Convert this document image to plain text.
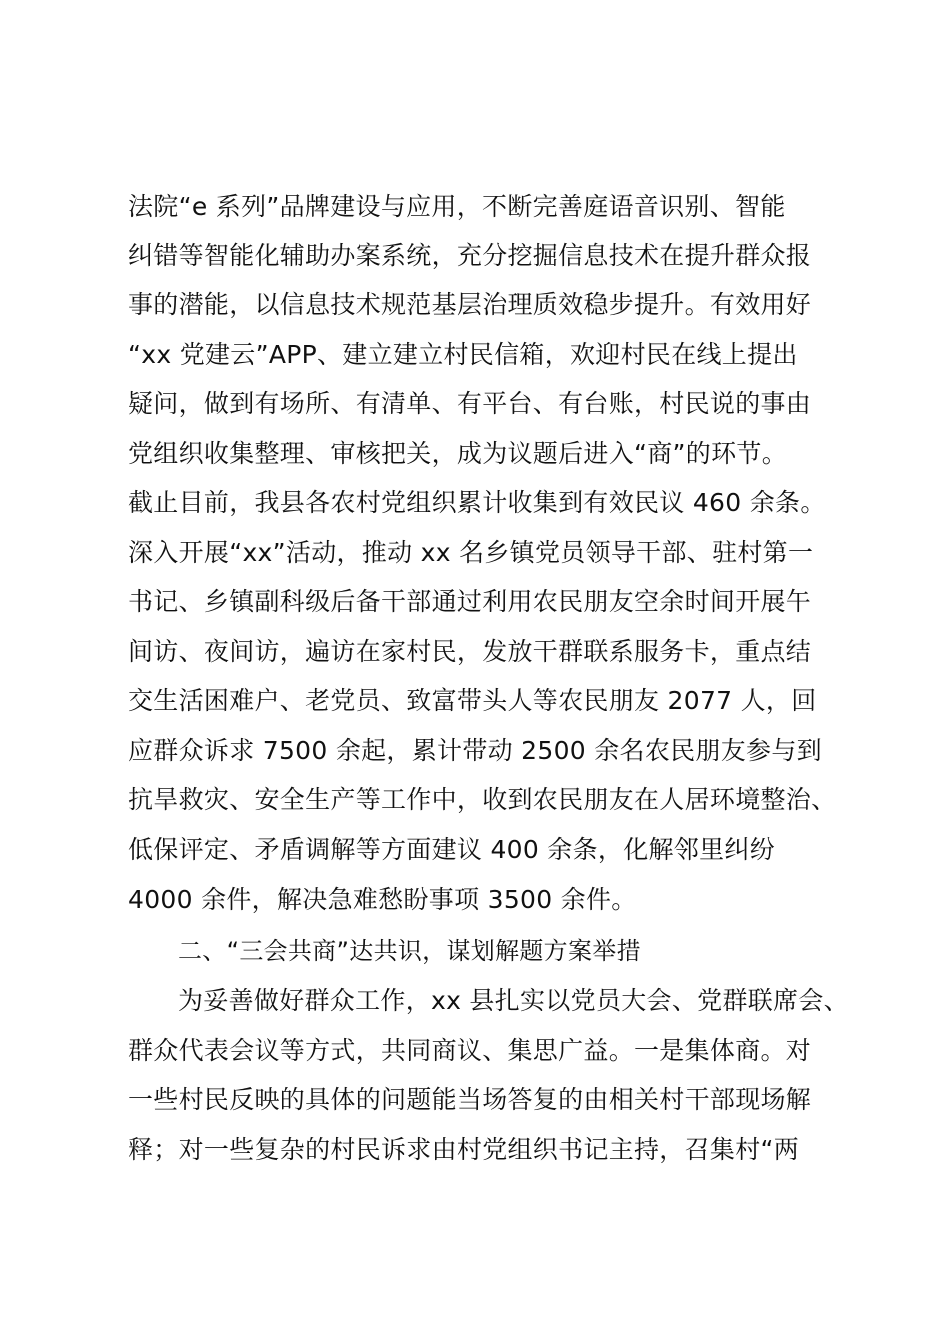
法院“e 系列”品牌建设与应用，不断完善庭语音识别、智能
纠错等智能化辅助办案系统，充分挖掘信息技术在提升群众报
事的潜能，以信息技术规范基层治理质效稳步提升。有效用好
“xx 党建云”APP、建立建立村民信箱，欢迎村民在线上提出
疑问，做到有场所、有清单、有平台、有台账，村民说的事由
党组织收集整理、审核把关，成为议题后进入“商”的环节。
截止目前，我县各农村党组织累计收集到有效民议 460 余条。
深入开展“xx”活动，推动 xx 名乡镇党员领导干部、驻村第一
书记、乡镇副科级后备干部通过利用农民朋友空余时间开展午
间访、夜间访，遍访在家村民，发放干群联系服务卡，重点结
交生活困难户、老党员、致富带头人等农民朋友 2077 人，回
应群众诉求 7500 余起，累计带动 2500 余名农民朋友参与到
抗旱救灾、安全生产等工作中，收到农民朋友在人居环境整治、
低保评定、矛盾调解等方面建议 400 余条，化解邻里纠纷
4000 余件，解决急难愁盼事项 3500 余件。
二、“三会共商”达共识，谋划解题方案举措
为妥善做好群众工作，xx 县扎实以党员大会、党群联席会、
群众代表会议等方式，共同商议、集思广益。一是集体商。对
一些村民反映的具体的问题能当场答复的由相关村干部现场解
释；对一些复杂的村民诉求由村党组织书记主持，召集村“两
